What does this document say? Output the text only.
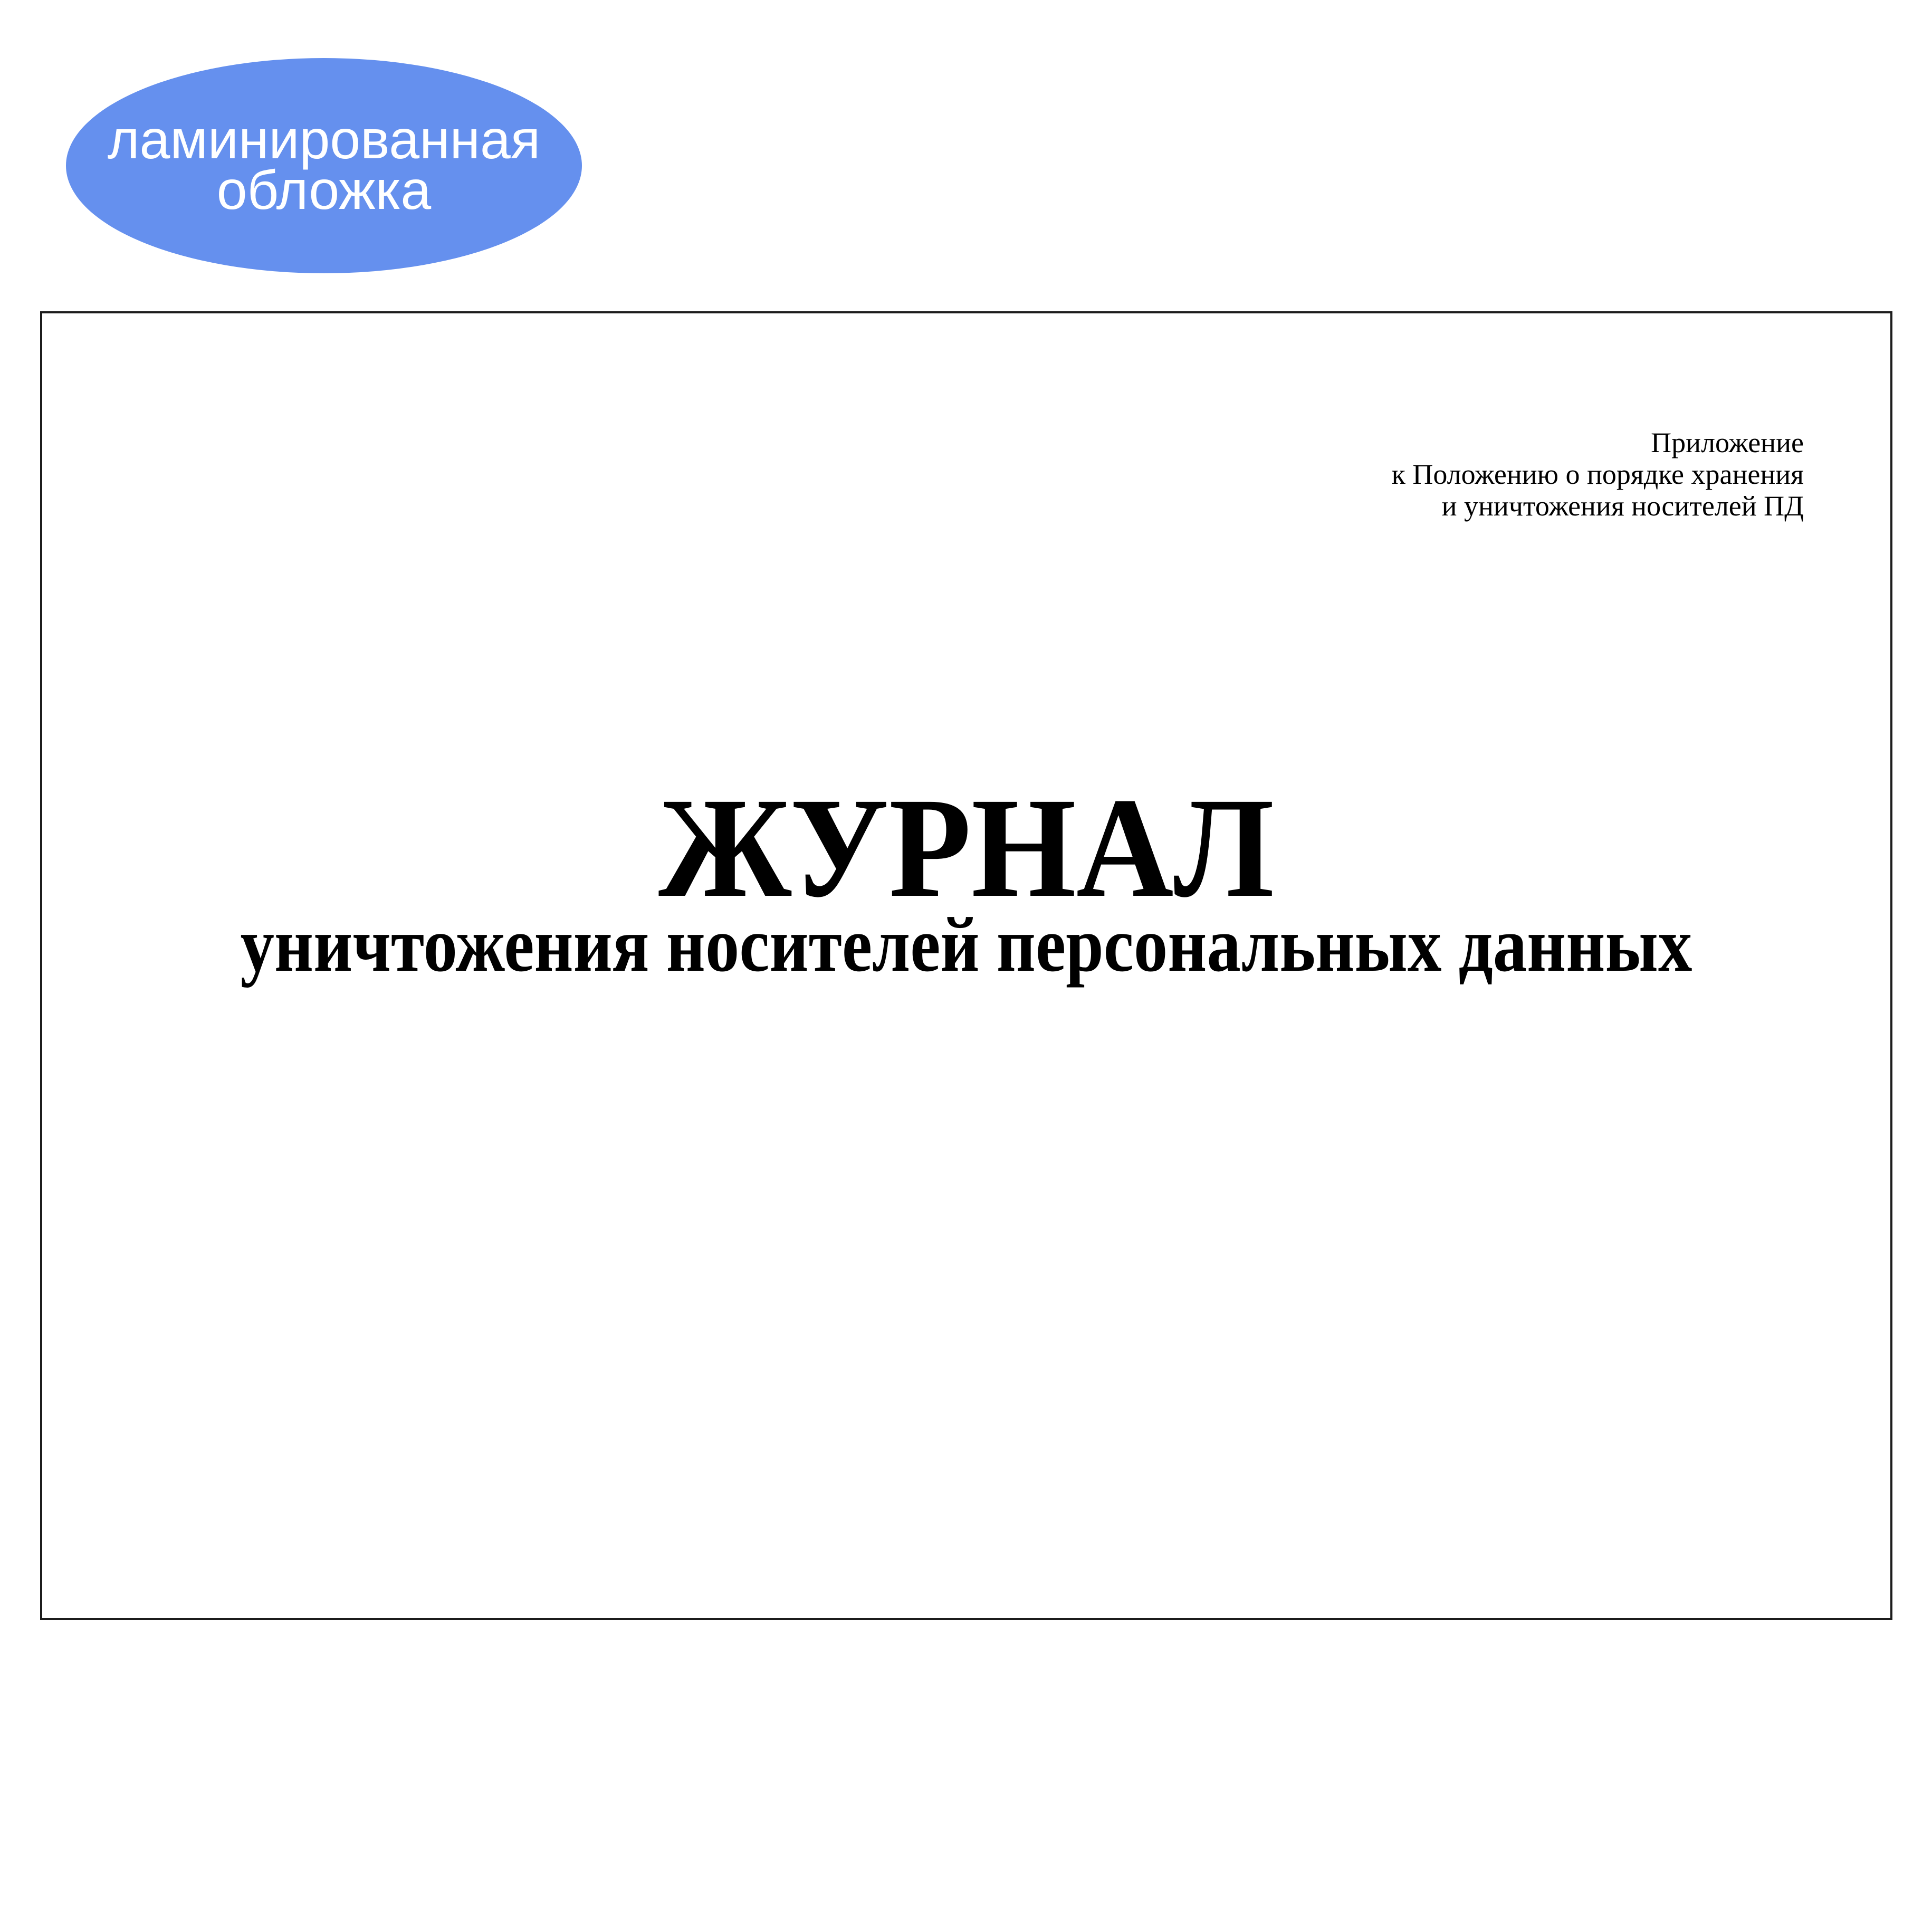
ламинированная
обложка
Приложение
к Положению о порядке хранения
и уничтожения носителей ПД
ЖУРНАЛ
уничтожения носителей персональных данных
